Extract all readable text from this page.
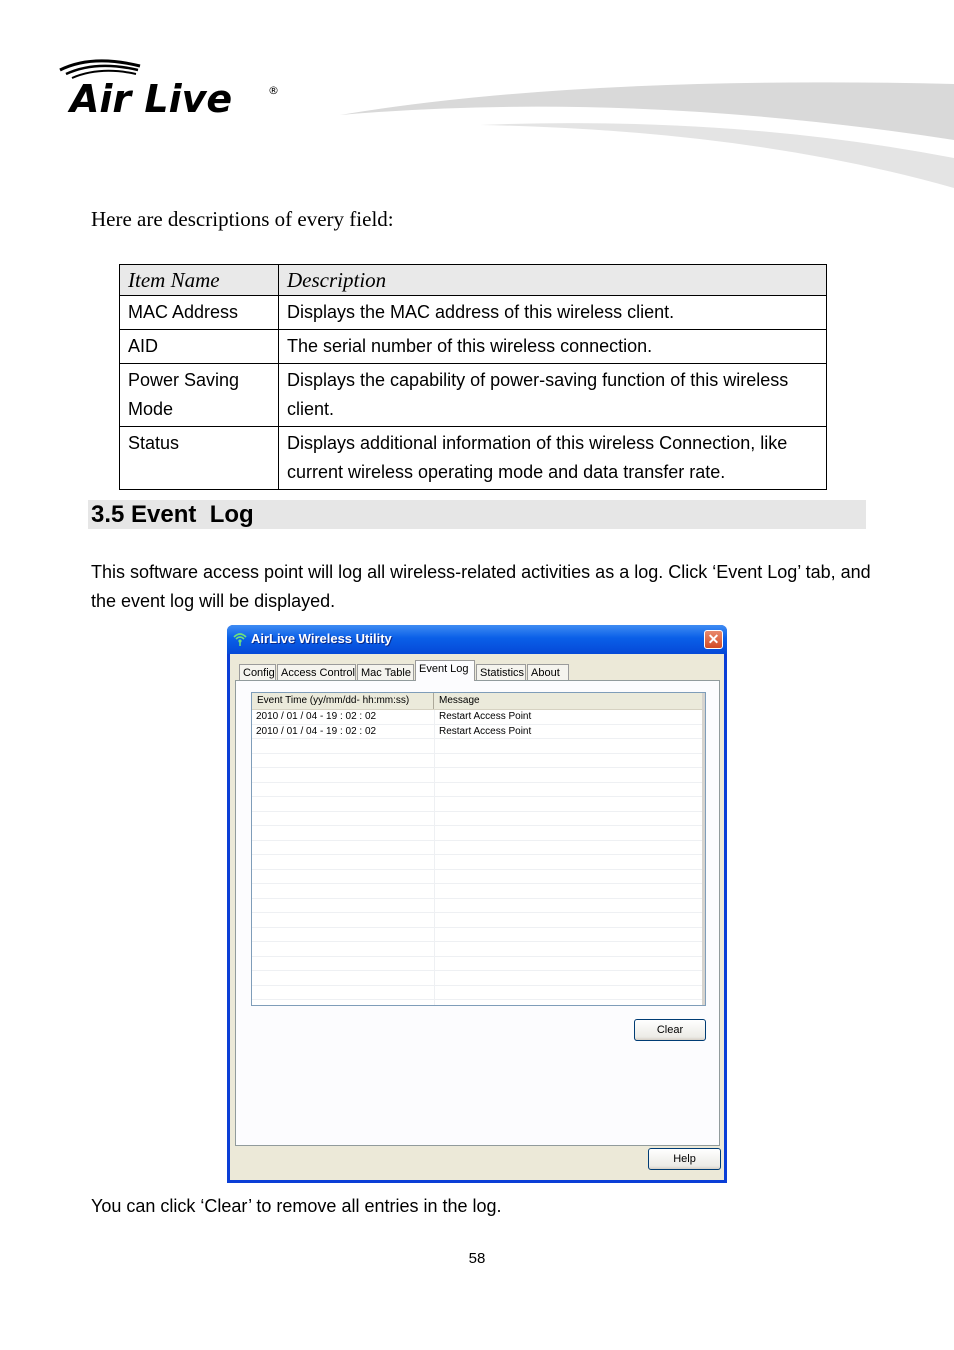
Air Live	®
Here are descriptions of every field:
Item Name	Description
MAC Address	Displays the MAC address of this wireless client.
AID	The serial number of this wireless connection.
Power Saving Mode	Displays the capability of power-saving function of this wireless client.
Status	Displays additional information of this wireless Connection, like current wireless operating mode and data transfer rate.
3.5 Event  Log
This software access point will log all wireless-related activities as a log. Click ‘Event Log’ tab, and the event log will be displayed.
AirLive Wireless Utility	✕
Config Access Control Mac Table Event Log	Statistics About
Event Time (yy/mm/dd- hh:mm:ss)	Message
2010 / 01 / 04 - 19 : 02 : 02	Restart Access Point
2010 / 01 / 04 - 19 : 02 : 02	Restart Access Point
Clear
Help
You can click ‘Clear’ to remove all entries in the log.
58
